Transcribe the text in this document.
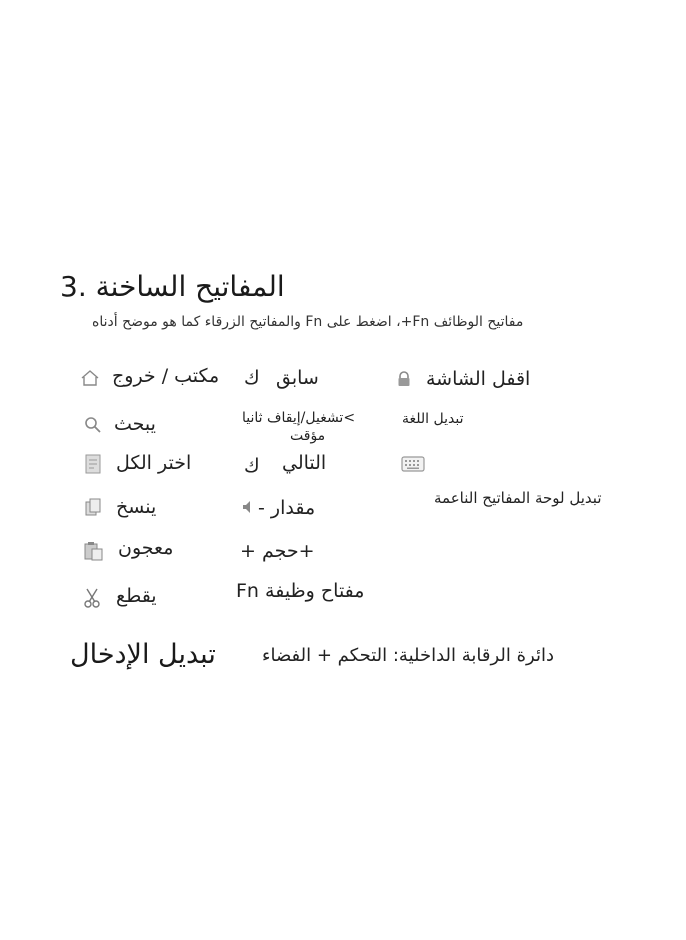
المفاتيح الساخنة .3
والمفاتيح الزرقاء كما هو موضح أدناه Fn اضغط على ،+Fn مفاتيح الوظائف
اقفل الشاشة
سابق
ك
مكتب / خروج
تبديل اللغة
تشغيل/إيقاف ثانيا<
مؤقت
يبحث
التالي
ك
اختر الكل
تبديل لوحة المفاتيح الناعمة
- مقدار
ينسخ
+ حجم+
معجون
Fn مفتاح وظيفة
يقطع
تبديل الإدخال	دائرة الرقابة الداخلية: التحكم + الفضاء
